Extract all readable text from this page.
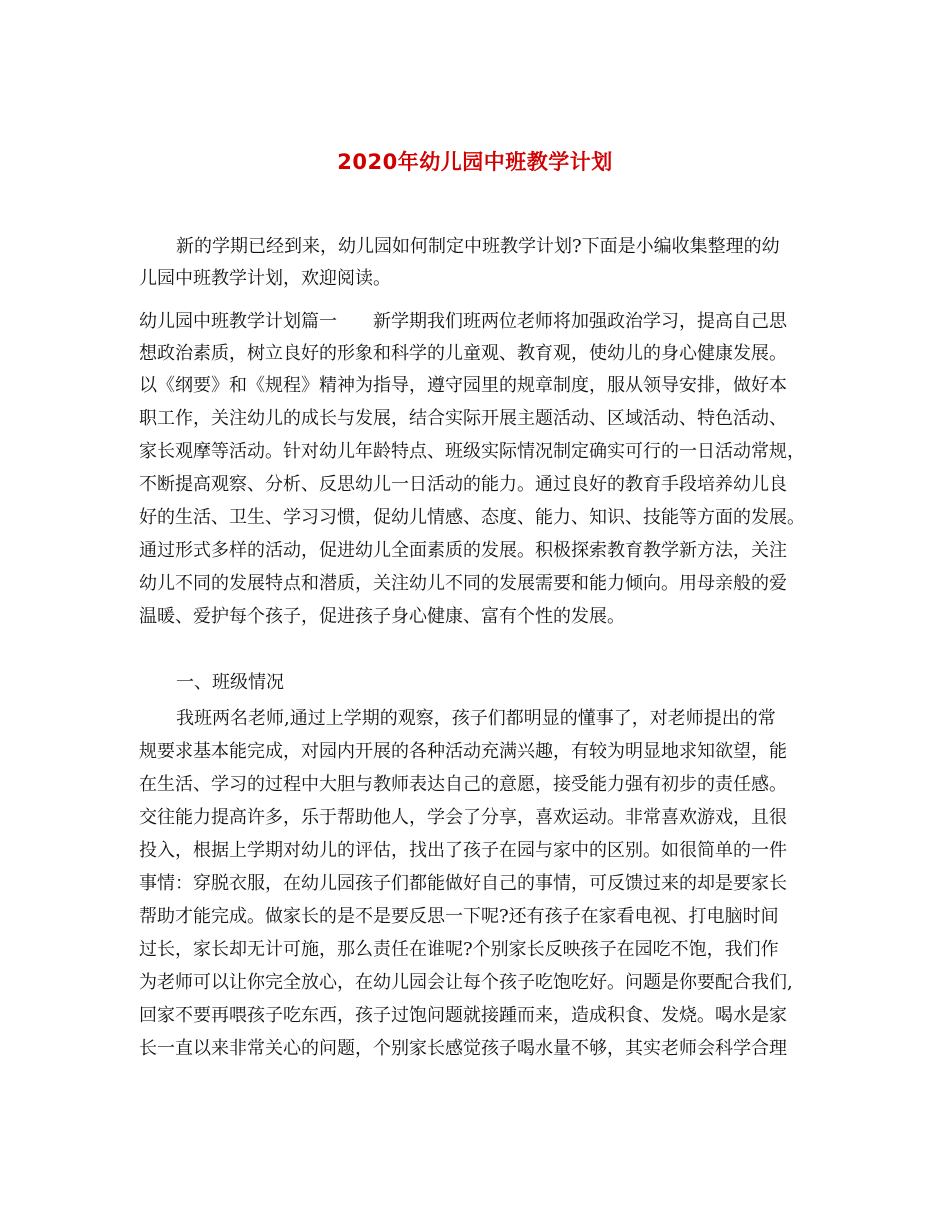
2020年幼儿园中班教学计划

新的学期已经到来，幼儿园如何制定中班教学计划?下面是小编收集整理的幼

儿园中班教学计划，欢迎阅读。

幼儿园中班教学计划篇一　　新学期我们班两位老师将加强政治学习，提高自己思

想政治素质，树立良好的形象和科学的儿童观、教育观，使幼儿的身心健康发展。

以《纲要》和《规程》精神为指导，遵守园里的规章制度，服从领导安排，做好本

职工作，关注幼儿的成长与发展，结合实际开展主题活动、区域活动、特色活动、

家长观摩等活动。针对幼儿年龄特点、班级实际情况制定确实可行的一日活动常规，

不断提高观察、分析、反思幼儿一日活动的能力。通过良好的教育手段培养幼儿良

好的生活、卫生、学习习惯，促幼儿情感、态度、能力、知识、技能等方面的发展。

通过形式多样的活动，促进幼儿全面素质的发展。积极探索教育教学新方法，关注

幼儿不同的发展特点和潜质，关注幼儿不同的发展需要和能力倾向。用母亲般的爱

温暖、爱护每个孩子，促进孩子身心健康、富有个性的发展。

一、班级情况

我班两名老师,通过上学期的观察，孩子们都明显的懂事了，对老师提出的常

规要求基本能完成，对园内开展的各种活动充满兴趣，有较为明显地求知欲望，能

在生活、学习的过程中大胆与教师表达自己的意愿，接受能力强有初步的责任感。

交往能力提高许多，乐于帮助他人，学会了分享，喜欢运动。非常喜欢游戏，且很

投入，根据上学期对幼儿的评估，找出了孩子在园与家中的区别。如很简单的一件

事情：穿脱衣服，在幼儿园孩子们都能做好自己的事情，可反馈过来的却是要家长

帮助才能完成。做家长的是不是要反思一下呢?还有孩子在家看电视、打电脑时间

过长，家长却无计可施，那么责任在谁呢?个别家长反映孩子在园吃不饱，我们作

为老师可以让你完全放心，在幼儿园会让每个孩子吃饱吃好。问题是你要配合我们,

回家不要再喂孩子吃东西，孩子过饱问题就接踵而来，造成积食、发烧。喝水是家

长一直以来非常关心的问题，个别家长感觉孩子喝水量不够，其实老师会科学合理
